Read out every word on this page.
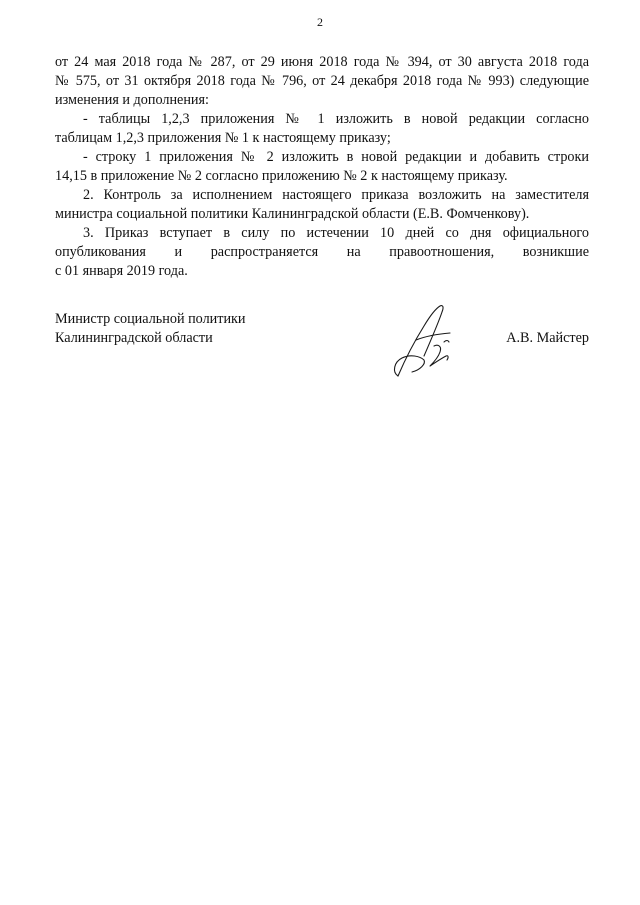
2
от 24 мая 2018 года № 287, от 29 июня 2018 года № 394, от 30 августа 2018 года
№ 575, от 31 октября 2018 года № 796, от 24 декабря 2018 года № 993) следующие
изменения и дополнения:
- таблицы 1,2,3 приложения № 1 изложить в новой редакции согласно
таблицам 1,2,3 приложения № 1 к настоящему приказу;
- строку 1 приложения № 2 изложить в новой редакции и добавить строки
14,15 в приложение № 2 согласно приложению № 2 к настоящему приказу.
2. Контроль за исполнением настоящего приказа возложить на заместителя
министра социальной политики Калининградской области (Е.В. Фомченкову).
3. Приказ вступает в силу по истечении 10 дней со дня официального
опубликования и распространяется на правоотношения, возникшие
с 01 января 2019 года.
Министр социальной политики
Калининградской области	А.В. Майстер
